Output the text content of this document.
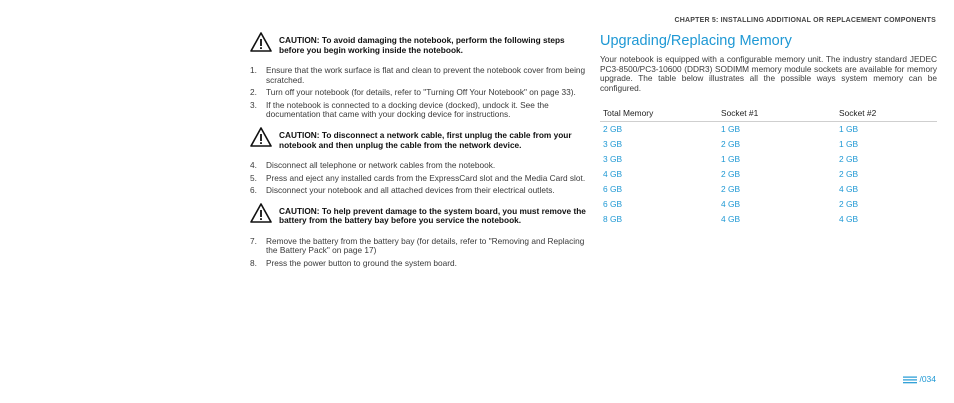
CHAPTER 5: INSTALLING ADDITIONAL OR REPLACEMENT COMPONENTS
CAUTION: To avoid damaging the notebook, perform the following steps before you begin working inside the notebook.
1. Ensure that the work surface is flat and clean to prevent the notebook cover from being scratched.
2. Turn off your notebook (for details, refer to "Turning Off Your Notebook" on page 33).
3. If the notebook is connected to a docking device (docked), undock it. See the documentation that came with your docking device for instructions.
CAUTION: To disconnect a network cable, first unplug the cable from your notebook and then unplug the cable from the network device.
4. Disconnect all telephone or network cables from the notebook.
5. Press and eject any installed cards from the ExpressCard slot and the Media Card slot.
6. Disconnect your notebook and all attached devices from their electrical outlets.
CAUTION: To help prevent damage to the system board, you must remove the battery from the battery bay before you service the notebook.
7. Remove the battery from the battery bay (for details, refer to "Removing and Replacing the Battery Pack" on page 17)
8. Press the power button to ground the system board.
Upgrading/Replacing Memory

Your notebook is equipped with a configurable memory unit. The industry standard JEDEC PC3-8500/PC3-10600 (DDR3) SODIMM memory module sockets are available for memory upgrade. The table below illustrates all the possible ways system memory can be configured.

Total Memory	Socket #1	Socket #2
2 GB	1 GB	1 GB
3 GB	2 GB	1 GB
3 GB	1 GB	2 GB
4 GB	2 GB	2 GB
6 GB	2 GB	4 GB
6 GB	4 GB	2 GB
8 GB	4 GB	4 GB
/034
